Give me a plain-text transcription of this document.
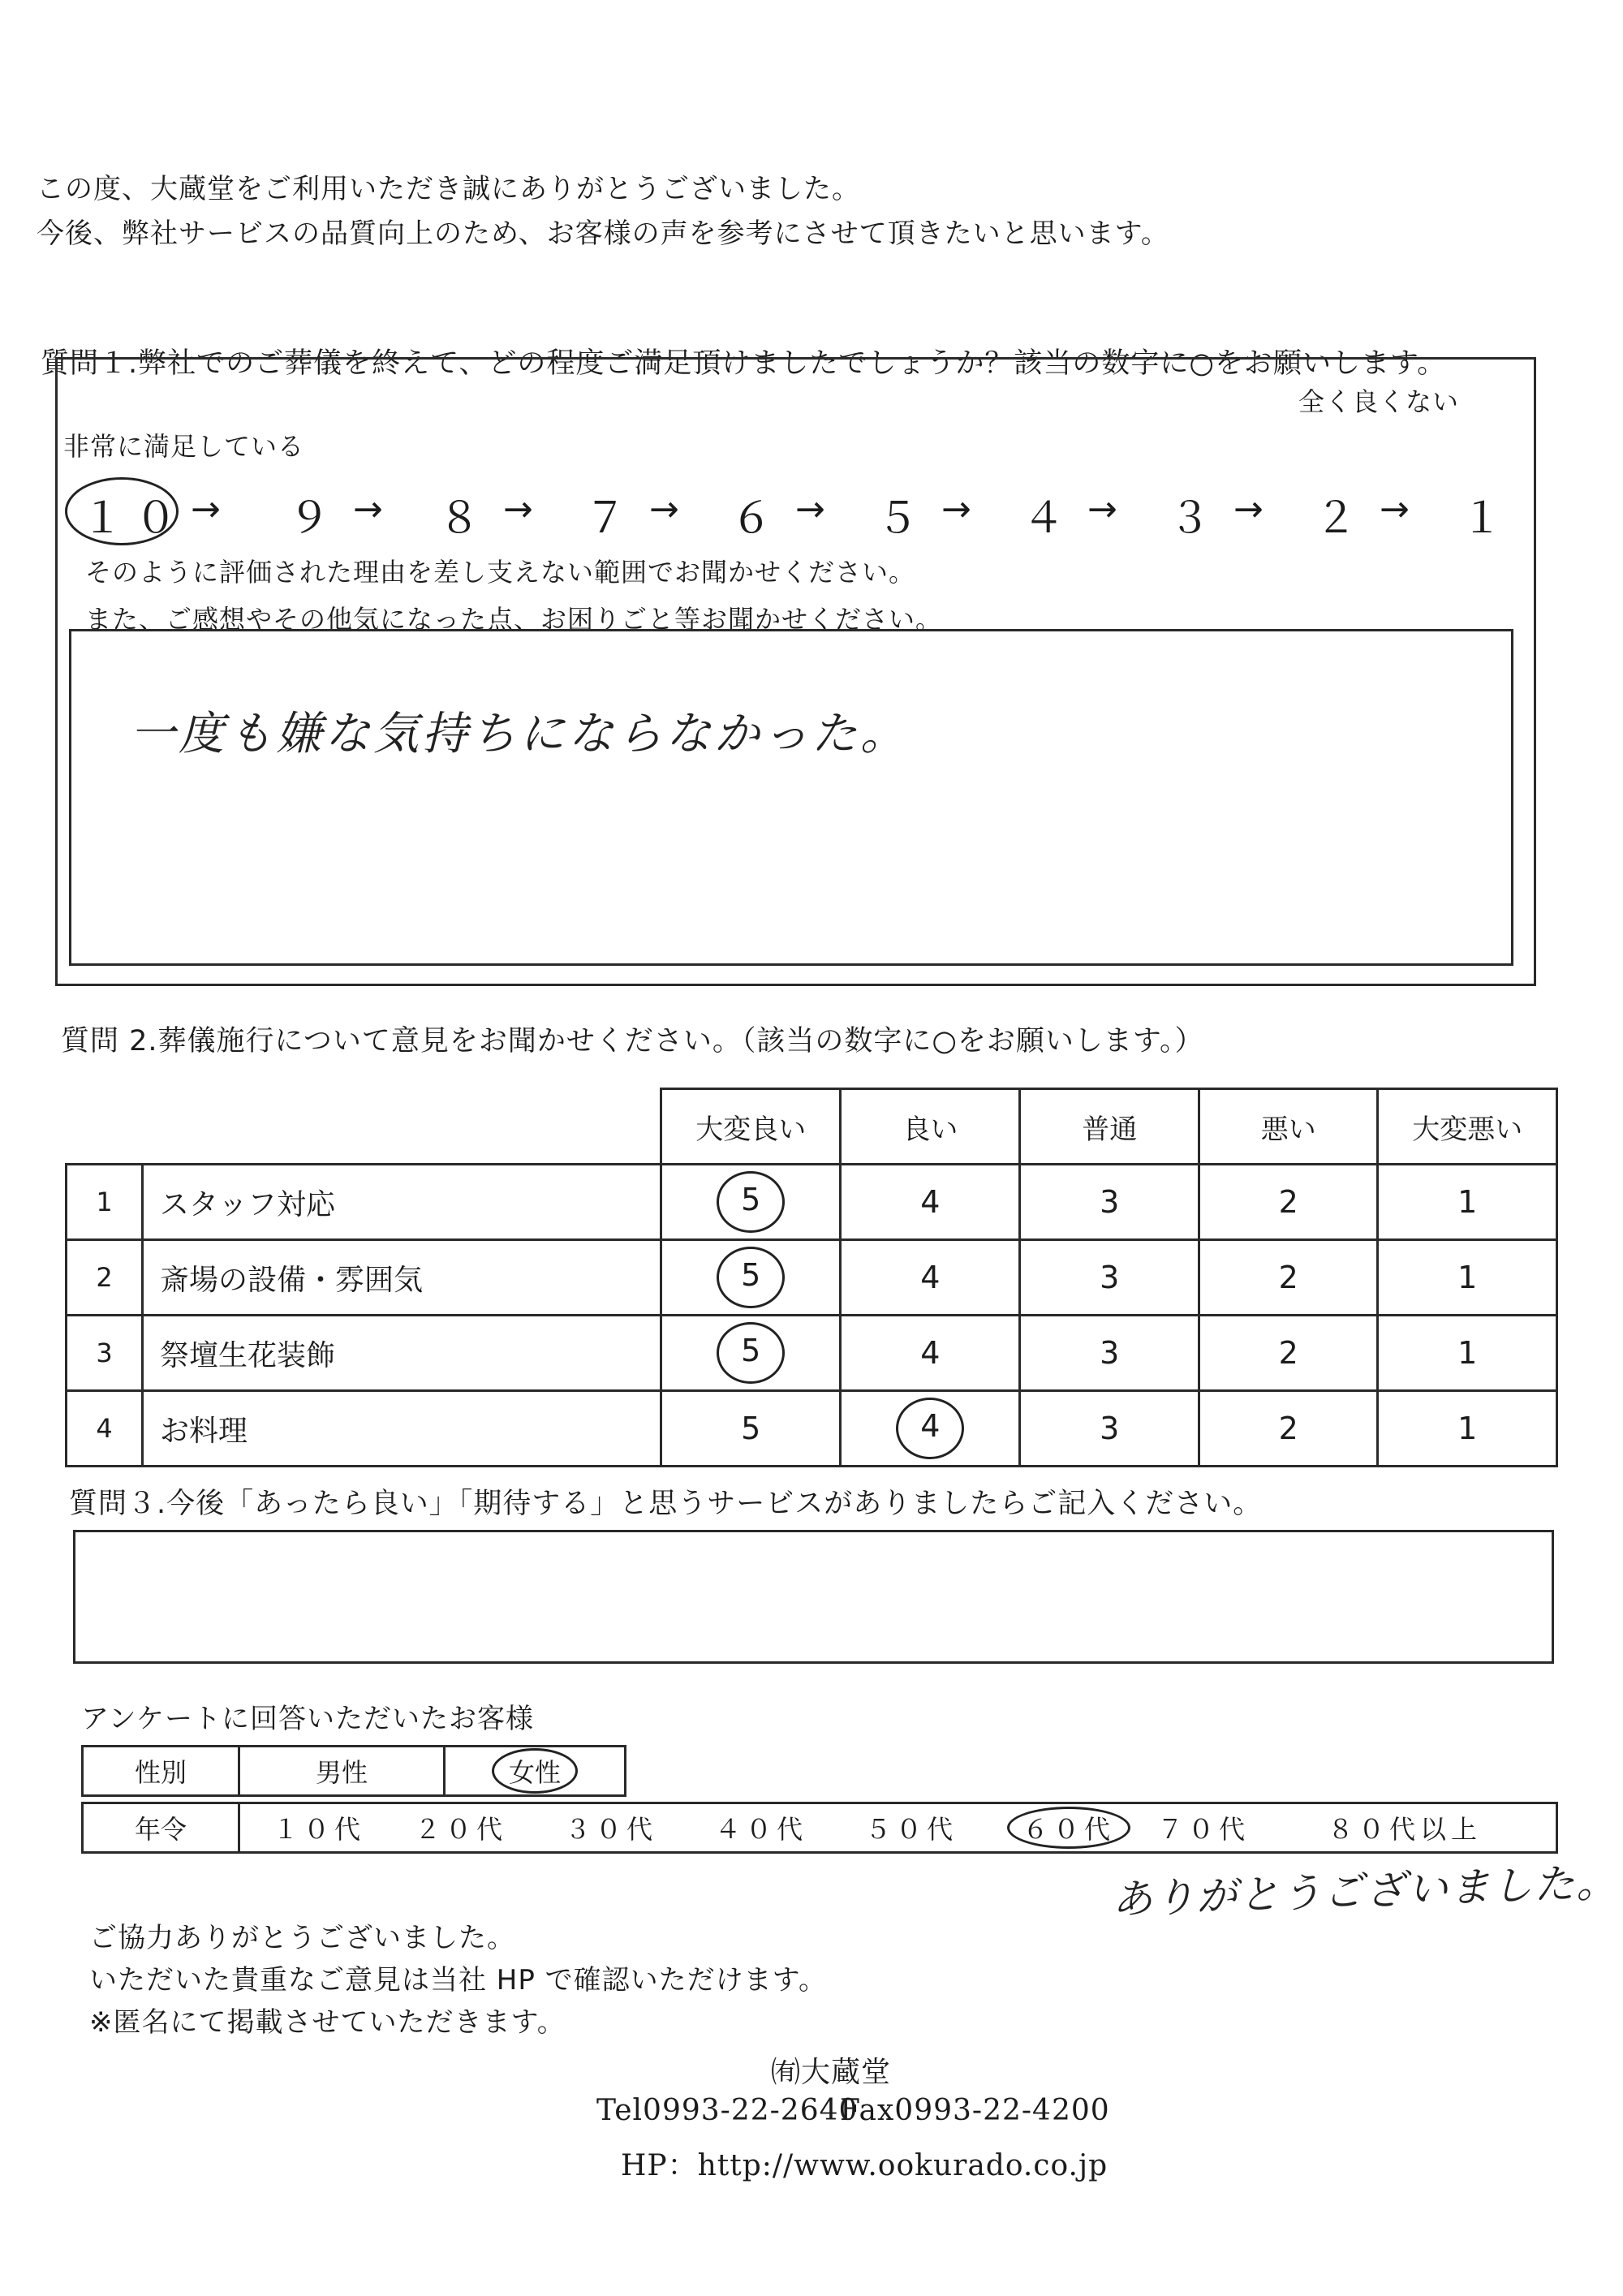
この度、大蔵堂をご利用いただき誠にありがとうございました。
今後、弊社サービスの品質向上のため、お客様の声を参考にさせて頂きたいと思います。
質問１.弊社でのご葬儀を終えて、どの程度ご満足頂けましたでしょうか？該当の数字に○をお願いします。
全く良くない
非常に満足している
１０ → ９ → ８ → ７ → ６ → ５ → ４ → ３ → ２ → １
そのように評価された理由を差し支えない範囲でお聞かせください。
また、ご感想やその他気になった点、お困りごと等お聞かせください。
一度も嫌な気持ちにならなかった。
質問 2.葬儀施行について意見をお聞かせください。（該当の数字に○をお願いします。）
		大変良い	良い	普通	悪い	大変悪い
1	スタッフ対応	5	4	3	2	1
2	斎場の設備・雰囲気	5	4	3	2	1
3	祭壇生花装飾	5	4	3	2	1
4	お料理	5	4	3	2	1
質問３.今後「あったら良い」「期待する」と思うサービスがありましたらご記入ください。
アンケートに回答いただいたお客様
性別	男性	女性
年令	１０代 ２０代 ３０代 ４０代 ５０代 ６０代 ７０代	８０代以上
ありがとうございました。
ご協力ありがとうございました。
いただいた貴重なご意見は当社 HP で確認いただけます。
※匿名にて掲載させていただきます。
㈲大蔵堂
Tel0993-22-2640
Fax0993-22-4200
HP：http://www.ookurado.co.jp
